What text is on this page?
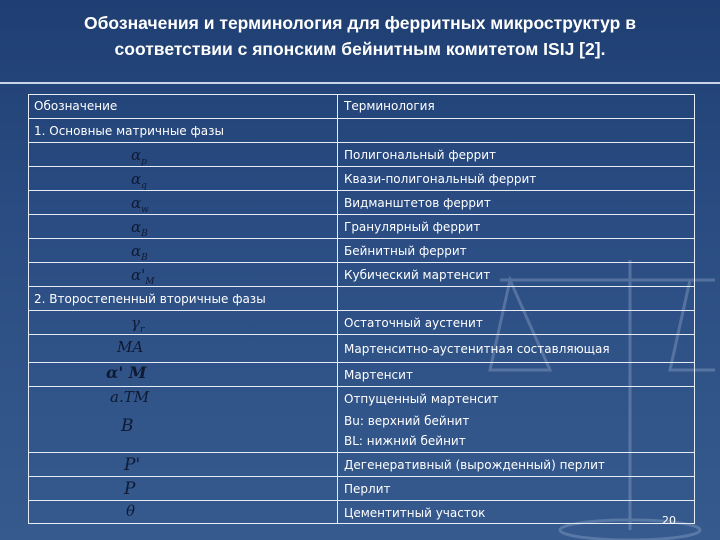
Обозначения и терминология для ферритных микроструктур в
соответствии с японским бейнитным комитетом ISIJ [2].
Обозначение	Терминология
1. Основные матричные фазы
$\alpha_p$	Полигональный феррит
$\alpha_q$	Квази-полигональный феррит
$\alpha_w$	Видманштетов феррит
$\alpha_B$	Гранулярный феррит
$\alpha_B$	Бейнитный феррит
$\alpha'_M$	Кубический мартенсит
2. Второстепенный вторичные фазы
$\gamma_r$	Остаточный аустенит
MA	Мартенситно-аустенитная составляющая
α' M	Мартенсит
a.TM	Отпущенный мартенсит
B	Bu: верхний бейнит
BL: нижний бейнит
P'	Дегенеративный (вырожденный) перлит
P	Перлит
θ	Цементитный участок
20
